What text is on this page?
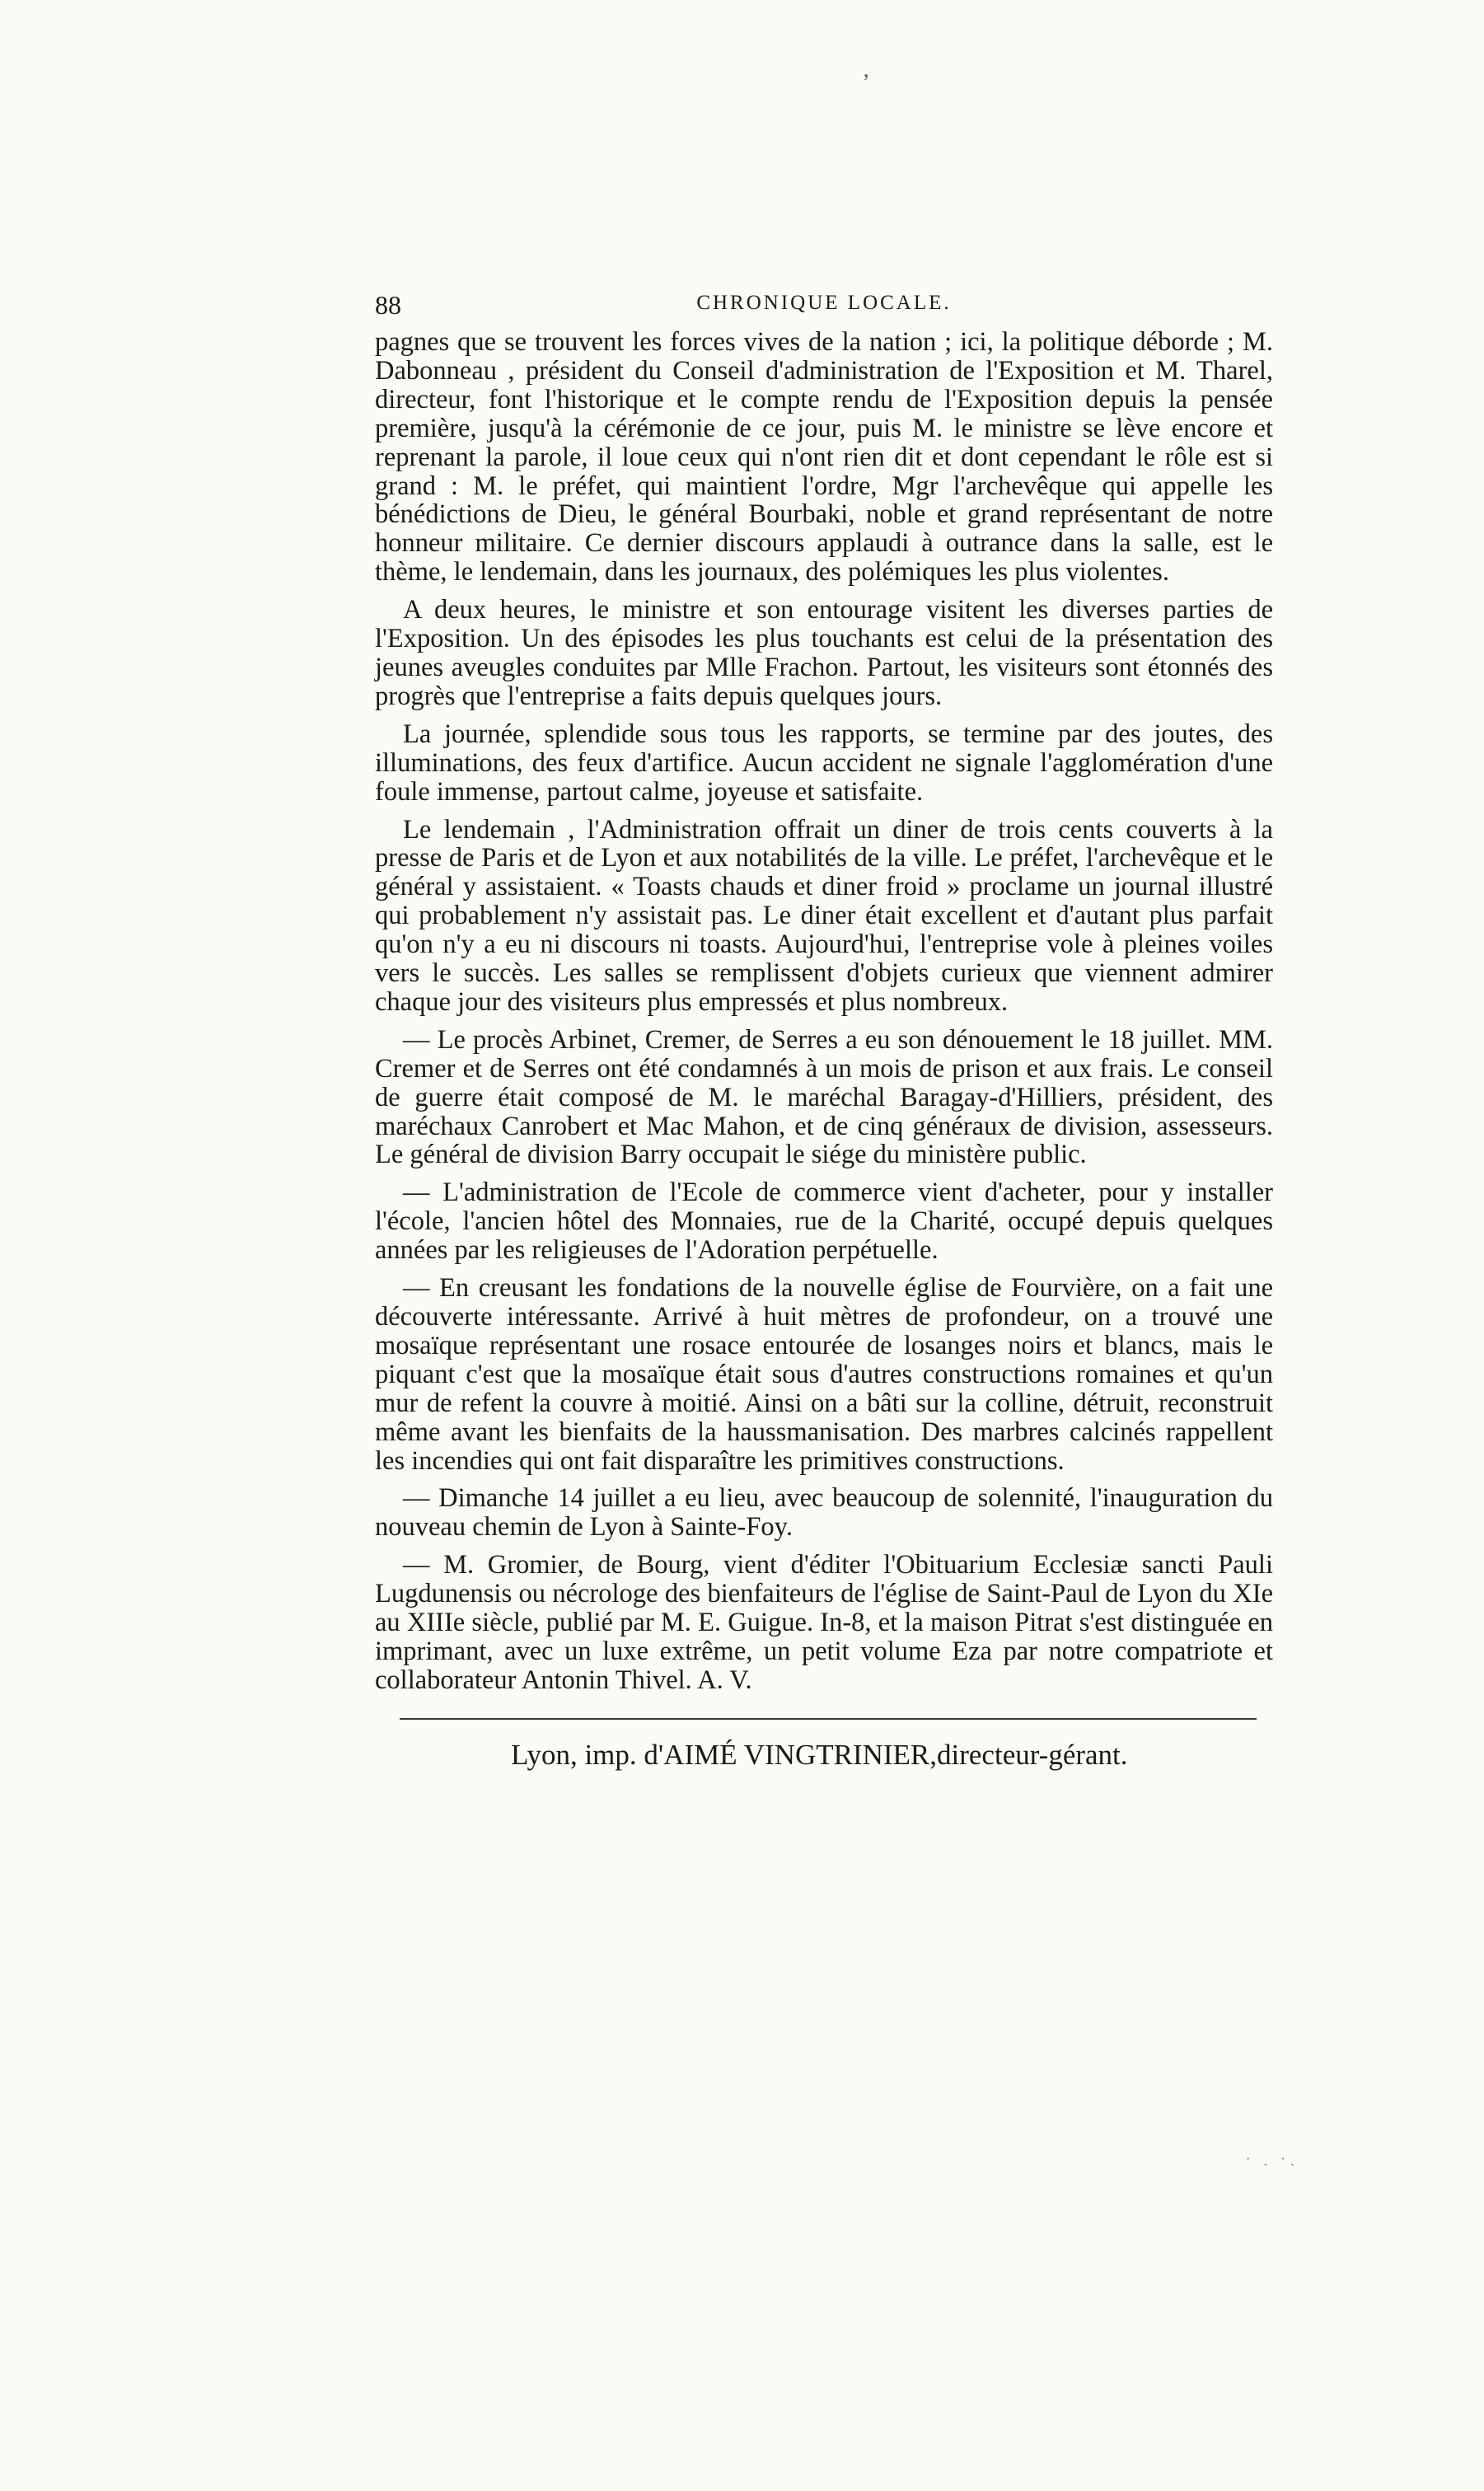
ʼ
· ˏ ·ˎ
88	CHRONIQUE LOCALE.

pagnes que se trouvent les forces vives de la nation ; ici, la politique déborde ; M. Dabonneau , président du Conseil d'administration de l'Exposition et M. Tharel, directeur, font l'historique et le compte rendu de l'Exposition depuis la pensée première, jusqu'à la cérémonie de ce jour, puis M. le ministre se lève encore et reprenant la parole, il loue ceux qui n'ont rien dit et dont cependant le rôle est si grand : M. le préfet, qui maintient l'ordre, Mgr l'archevêque qui appelle les bénédictions de Dieu, le général Bourbaki, noble et grand représentant de notre honneur militaire. Ce dernier discours applaudi à outrance dans la salle, est le thème, le lendemain, dans les journaux, des polémiques les plus violentes.

A deux heures, le ministre et son entourage visitent les diverses parties de l'Exposition. Un des épisodes les plus touchants est celui de la présentation des jeunes aveugles conduites par Mlle Frachon. Partout, les visiteurs sont étonnés des progrès que l'entreprise a faits depuis quelques jours.

La journée, splendide sous tous les rapports, se termine par des joutes, des illuminations, des feux d'artifice. Aucun accident ne signale l'agglomération d'une foule immense, partout calme, joyeuse et satisfaite.

Le lendemain , l'Administration offrait un diner de trois cents couverts à la presse de Paris et de Lyon et aux notabilités de la ville. Le préfet, l'archevêque et le général y assistaient. « Toasts chauds et diner froid » proclame un journal illustré qui probablement n'y assistait pas. Le diner était excellent et d'autant plus parfait qu'on n'y a eu ni discours ni toasts. Aujourd'hui, l'entreprise vole à pleines voiles vers le succès. Les salles se remplissent d'objets curieux que viennent admirer chaque jour des visiteurs plus empressés et plus nombreux.

— Le procès Arbinet, Cremer, de Serres a eu son dénouement le 18 juillet. MM. Cremer et de Serres ont été condamnés à un mois de prison et aux frais. Le conseil de guerre était composé de M. le maréchal Baragay-d'Hilliers, président, des maréchaux Canrobert et Mac Mahon, et de cinq généraux de division, assesseurs. Le général de division Barry occupait le siége du ministère public.

— L'administration de l'Ecole de commerce vient d'acheter, pour y installer l'école, l'ancien hôtel des Monnaies, rue de la Charité, occupé depuis quelques années par les religieuses de l'Adoration perpétuelle.

— En creusant les fondations de la nouvelle église de Fourvière, on a fait une découverte intéressante. Arrivé à huit mètres de profondeur, on a trouvé une mosaïque représentant une rosace entourée de losanges noirs et blancs, mais le piquant c'est que la mosaïque était sous d'autres constructions romaines et qu'un mur de refent la couvre à moitié. Ainsi on a bâti sur la colline, détruit, reconstruit même avant les bienfaits de la haussmanisation. Des marbres calcinés rappellent les incendies qui ont fait disparaître les primitives constructions.

— Dimanche 14 juillet a eu lieu, avec beaucoup de solennité, l'inauguration du nouveau chemin de Lyon à Sainte-Foy.

— M. Gromier, de Bourg, vient d'éditer l'Obituarium Ecclesiæ sancti Pauli Lugdunensis ou nécrologe des bienfaiteurs de l'église de Saint-Paul de Lyon du XIe au XIIIe siècle, publié par M. E. Guigue. In-8, et la maison Pitrat s'est distinguée en imprimant, avec un luxe extrême, un petit volume Eza par notre compatriote et collaborateur Antonin Thivel. A. V.

Lyon, imp. d'AIMÉ VINGTRINIER,directeur-gérant.
